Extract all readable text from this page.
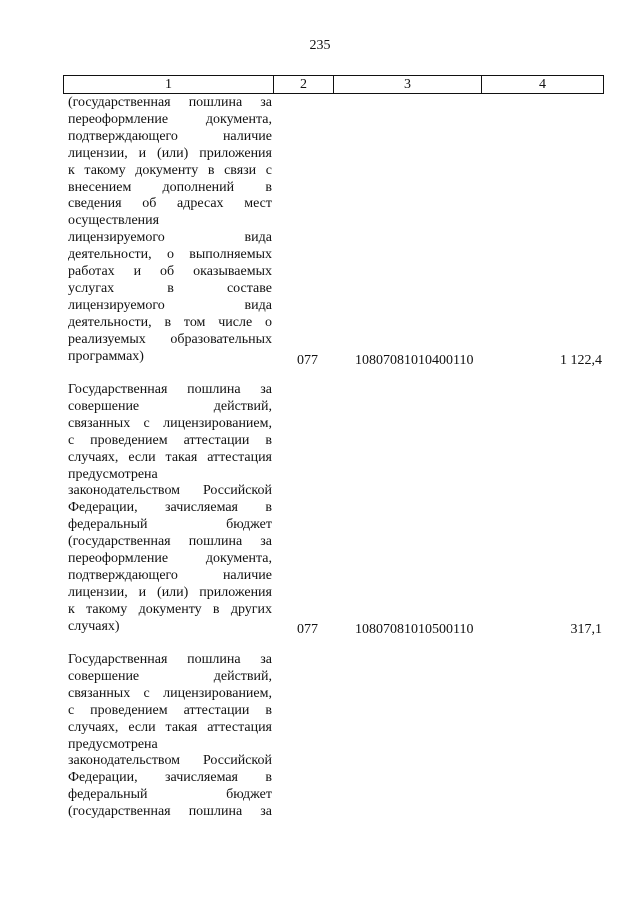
235
1	2	3	4
(государственная пошлина за
переоформление документа,
подтверждающего наличие
лицензии, и (или) приложения
к такому документу в связи с
внесением дополнений в
сведения об адресах мест
осуществления
лицензируемого вида
деятельности, о выполняемых
работах и об оказываемых
услугах в составе
лицензируемого вида
деятельности, в том числе о
реализуемых образовательных
программах)	077	10807081010400110	1 122,4
Государственная пошлина за
совершение действий,
связанных с лицензированием,
с проведением аттестации в
случаях, если такая аттестация
предусмотрена
законодательством Российской
Федерации, зачисляемая в
федеральный бюджет
(государственная пошлина за
переоформление документа,
подтверждающего наличие
лицензии, и (или) приложения
к такому документу в других
случаях)	077	10807081010500110	317,1
Государственная пошлина за
совершение действий,
связанных с лицензированием,
с проведением аттестации в
случаях, если такая аттестация
предусмотрена
законодательством Российской
Федерации, зачисляемая в
федеральный бюджет
(государственная пошлина за
